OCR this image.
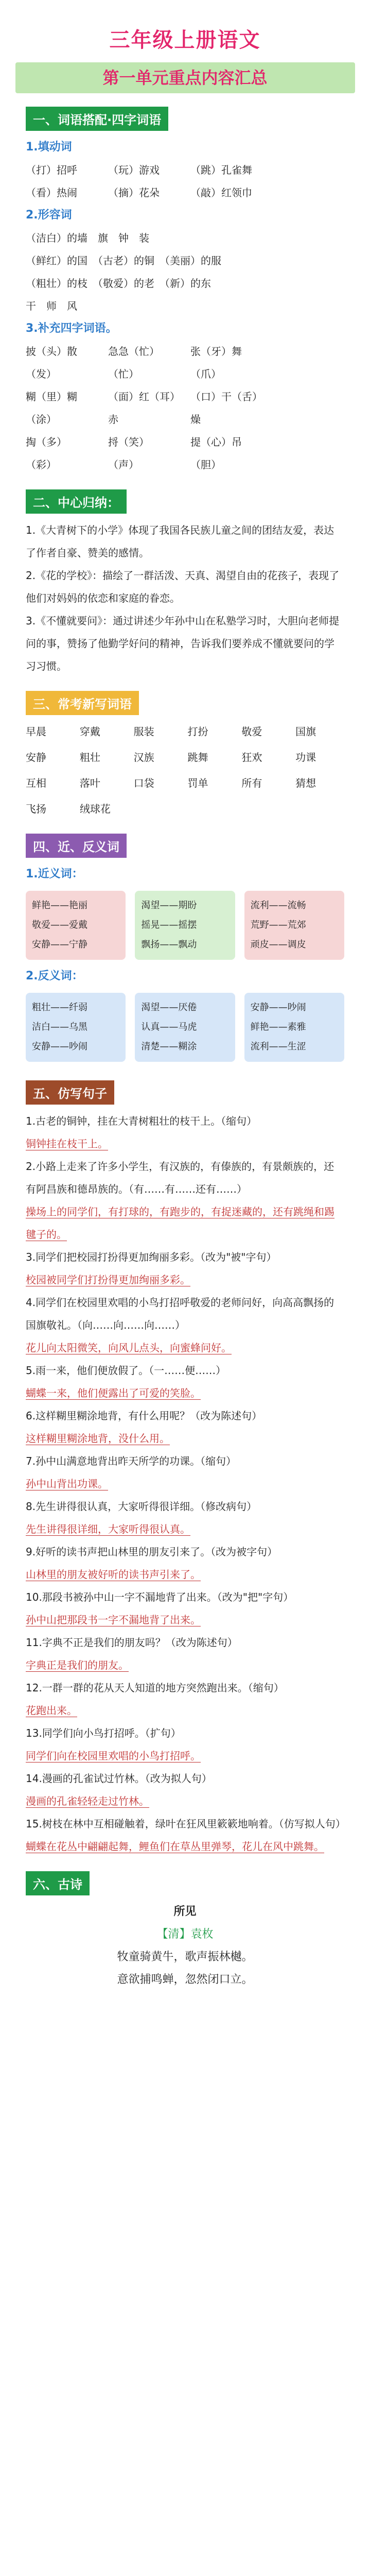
三年级上册语文
第一单元重点内容汇总
一、词语搭配·四字词语
1.填动词
（打）招呼	（玩）游戏	（跳）孔雀舞
（看）热闹	（摘）花朵	（敲）红领巾
2.形容词
（洁白）的墙　旗　钟　装
（鲜红）的国　（古老）的铜　（美丽）的服
（粗壮）的枝　（敬爱）的老　（新）的东
干　师　风
3.补充四字词语。
披（头）散	急急（忙）	张（牙）舞
（发）	（忙）	（爪）
糊（里）糊	（面）红（耳） （口）干（舌）
（涂）	赤	燥
掏（多）	捋（笑）	提（心）吊
（彩）	（声）	（胆）
二、中心归纳：
1.《大青树下的小学》体现了我国各民族儿童之间的团结友爱，表达了作者自豪、赞美的感情。
2.《花的学校》：描绘了一群活泼、天真、渴望自由的花孩子，表现了他们对妈妈的依恋和家庭的眷恋。
3.《不懂就要问》：通过讲述少年孙中山在私塾学习时，大胆向老师提问的事，赞扬了他勤学好问的精神，告诉我们要养成不懂就要问的学习习惯。
三、常考新写词语
早晨	穿戴	服装	打扮	敬爱	国旗
安静	粗壮	汉族	跳舞	狂欢	功课
互相	落叶	口袋	罚单	所有	猜想
飞扬	绒球花
四、近、反义词
1.近义词：
鲜艳——艳丽
敬爱——爱戴
安静——宁静
渴望——期盼
摇晃——摇摆
飘扬——飘动
流利——流畅
荒野——荒郊
顽皮——调皮
2.反义词：
粗壮——纤弱
洁白——乌黑
安静——吵闹
渴望——厌倦
认真——马虎
清楚——糊涂
安静——吵闹
鲜艳——素雅
流利——生涩
五、仿写句子
1.古老的铜钟，挂在大青树粗壮的枝干上。（缩句）
铜钟挂在枝干上。
2.小路上走来了许多小学生，有汉族的，有傣族的，有景颇族的，还有阿昌族和德昂族的。（有……有……还有……）
操场上的同学们，有打球的，有跑步的，有捉迷藏的，还有跳绳和踢毽子的。
3.同学们把校园打扮得更加绚丽多彩。（改为"被"字句）
校园被同学们打扮得更加绚丽多彩。
4.同学们在校园里欢唱的小鸟打招呼敬爱的老师问好，向高高飘扬的国旗敬礼。（向……向……向……）
花儿向太阳微笑，向风儿点头，向蜜蜂问好。
5.雨一来，他们便放假了。（一……便……）
蝴蝶一来，他们便露出了可爱的笑脸。
6.这样糊里糊涂地背，有什么用呢？（改为陈述句）
这样糊里糊涂地背，没什么用。
7.孙中山满意地背出昨天所学的功课。（缩句）
孙中山背出功课。
8.先生讲得很认真，大家听得很详细。（修改病句）
先生讲得很详细，大家听得很认真。
9.好听的读书声把山林里的朋友引来了。（改为被字句）
山林里的朋友被好听的读书声引来了。
10.那段书被孙中山一字不漏地背了出来。（改为"把"字句）
孙中山把那段书一字不漏地背了出来。
11.字典不正是我们的朋友吗？（改为陈述句）
字典正是我们的朋友。
12.一群一群的花从天人知道的地方突然跑出来。（缩句）
花跑出来。
13.同学们向小鸟打招呼。（扩句）
同学们向在校园里欢唱的小鸟打招呼。
14.漫画的孔雀试过竹林。（改为拟人句）
漫画的孔雀轻轻走过竹林。
15.树枝在林中互相碰触着，绿叶在狂风里簌簌地响着。（仿写拟人句）
蝴蝶在花丛中翩翩起舞，鲤鱼们在草丛里弹琴，花儿在风中跳舞。
六、古诗
所见
【清】袁枚
牧童骑黄牛，歌声振林樾。
意欲捕鸣蝉，忽然闭口立。
